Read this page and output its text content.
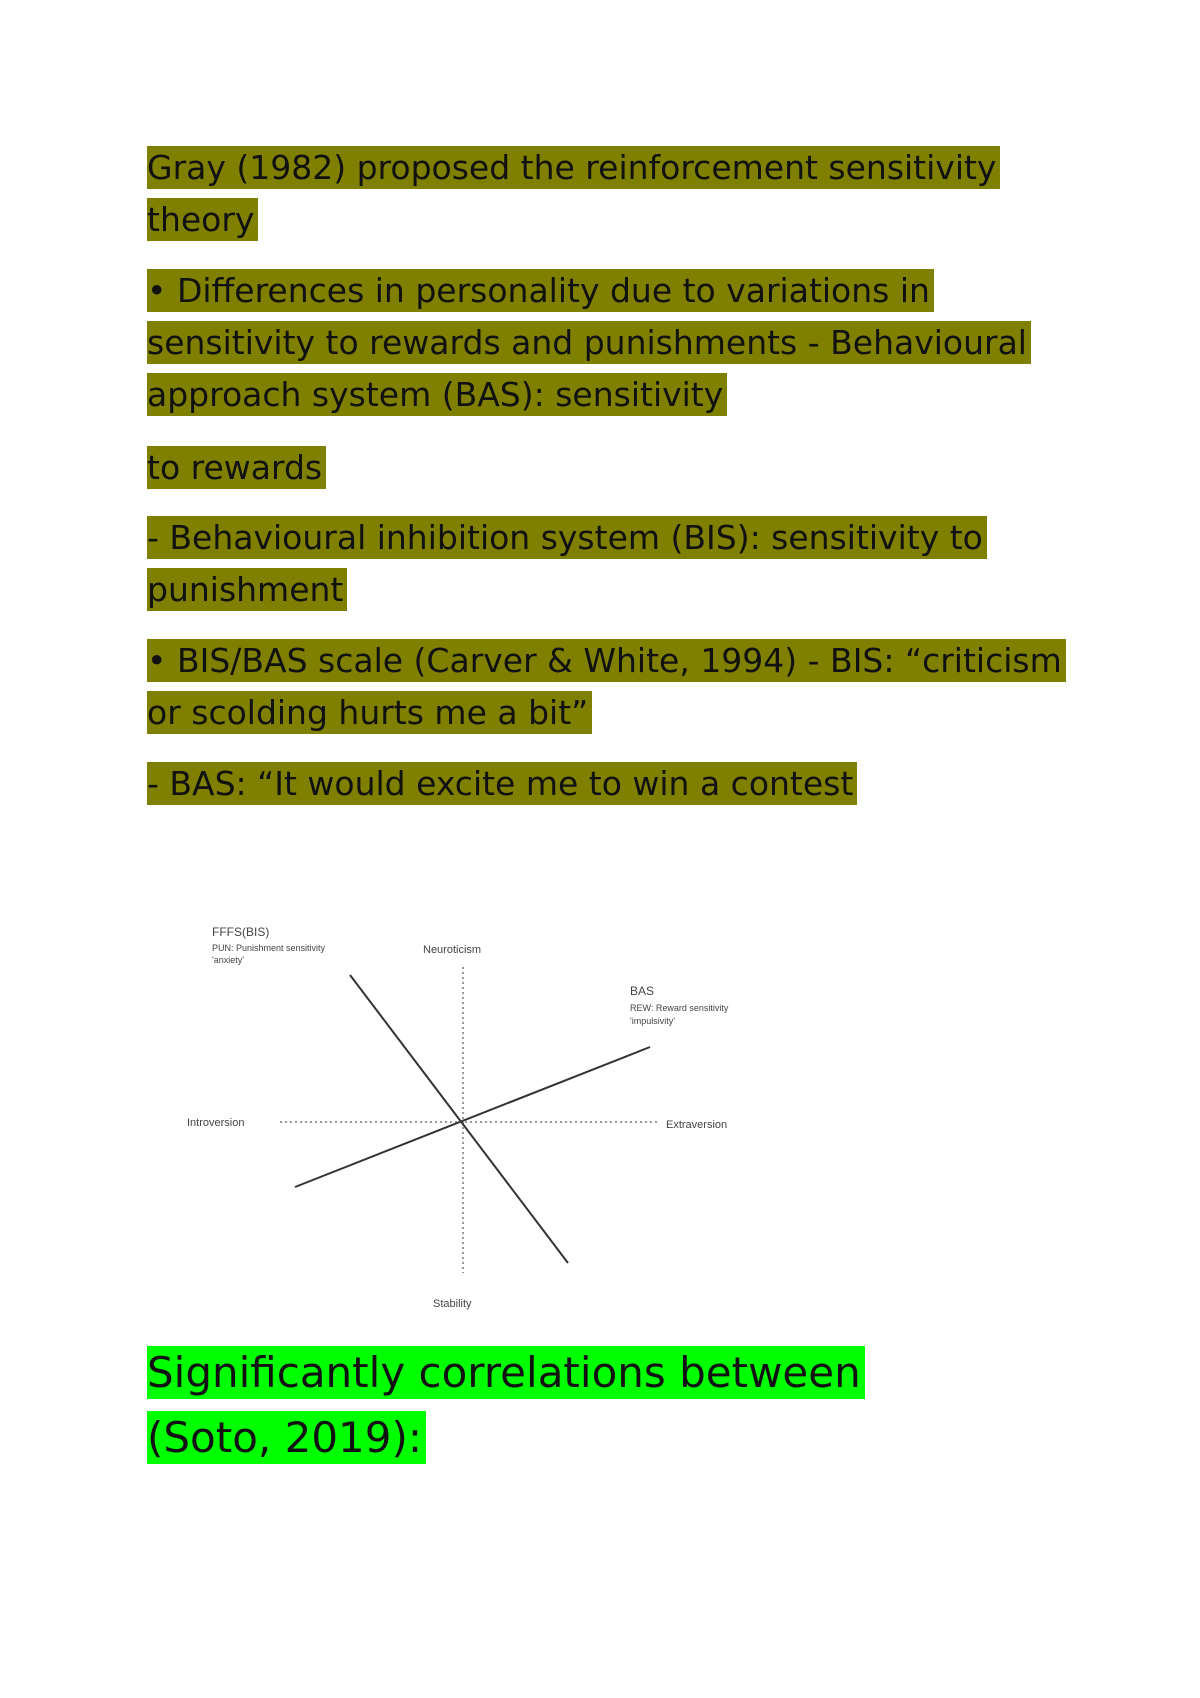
Gray (1982) proposed the reinforcement sensitivity theory

• Differences in personality due to variations in sensitivity to rewards and punishments - Behavioural approach system (BAS): sensitivity

to rewards

- Behavioural inhibition system (BIS): sensitivity to punishment

• BIS/BAS scale (Carver & White, 1994) - BIS: “criticism or scolding hurts me a bit”

- BAS: “It would excite me to win a contest

FFFS(BIS)
PUN: Punishment sensitivity
'anxiety'
Neuroticism
Stability
Introversion	Extraversion
BAS
REW: Reward sensitivity
'impulsivity'
Significantly correlations between (Soto, 2019):
